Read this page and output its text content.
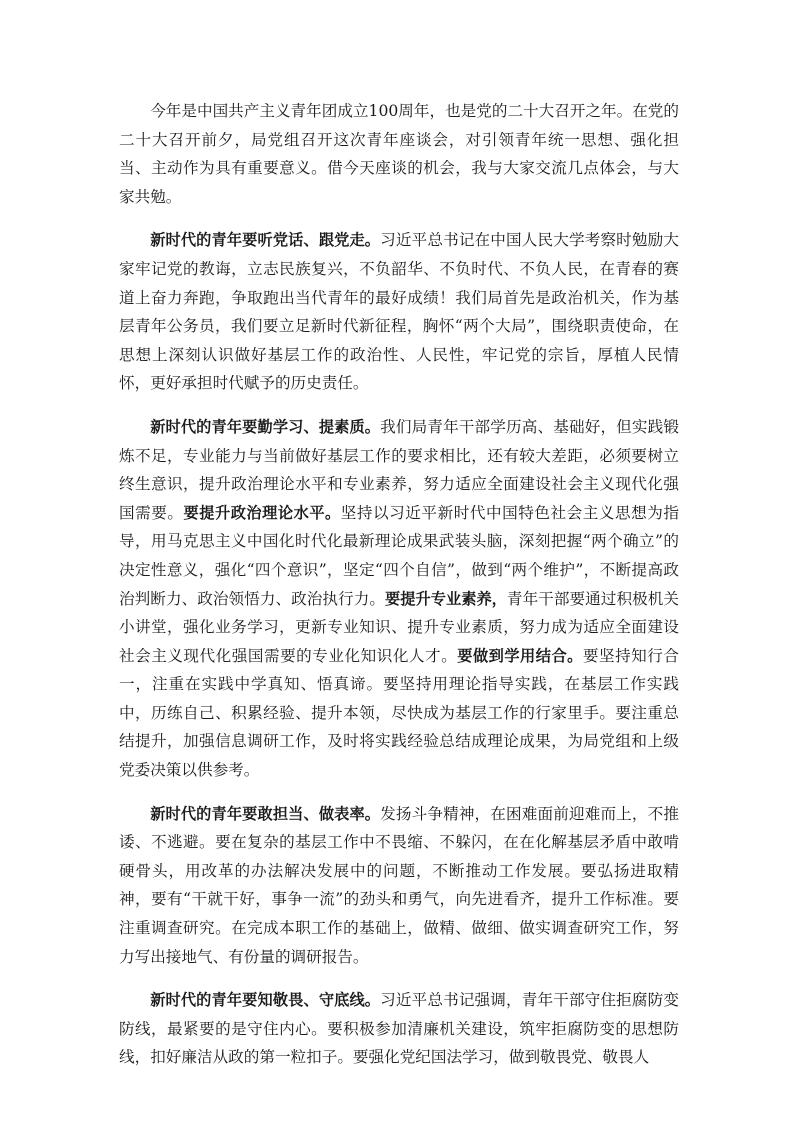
今年是中国共产主义青年团成立100周年，也是党的二十大召开之年。在党的二十大召开前夕，局党组召开这次青年座谈会，对引领青年统一思想、强化担当、主动作为具有重要意义。借今天座谈的机会，我与大家交流几点体会，与大家共勉。

新时代的青年要听党话、跟党走。习近平总书记在中国人民大学考察时勉励大家牢记党的教诲，立志民族复兴，不负韶华、不负时代、不负人民，在青春的赛道上奋力奔跑，争取跑出当代青年的最好成绩！我们局首先是政治机关，作为基层青年公务员，我们要立足新时代新征程，胸怀“两个大局”，围绕职责使命，在思想上深刻认识做好基层工作的政治性、人民性，牢记党的宗旨，厚植人民情怀，更好承担时代赋予的历史责任。

新时代的青年要勤学习、提素质。我们局青年干部学历高、基础好，但实践锻炼不足，专业能力与当前做好基层工作的要求相比，还有较大差距，必须要树立终生意识，提升政治理论水平和专业素养，努力适应全面建设社会主义现代化强国需要。要提升政治理论水平。坚持以习近平新时代中国特色社会主义思想为指导，用马克思主义中国化时代化最新理论成果武装头脑，深刻把握“两个确立”的决定性意义，强化“四个意识”，坚定“四个自信”，做到“两个维护”，不断提高政治判断力、政治领悟力、政治执行力。要提升专业素养，青年干部要通过积极机关小讲堂，强化业务学习，更新专业知识、提升专业素质，努力成为适应全面建设社会主义现代化强国需要的专业化知识化人才。要做到学用结合。要坚持知行合一，注重在实践中学真知、悟真谛。要坚持用理论指导实践，在基层工作实践中，历练自己、积累经验、提升本领，尽快成为基层工作的行家里手。要注重总结提升，加强信息调研工作，及时将实践经验总结成理论成果，为局党组和上级党委决策以供参考。

新时代的青年要敢担当、做表率。发扬斗争精神，在困难面前迎难而上，不推诿、不逃避。要在复杂的基层工作中不畏缩、不躲闪，在在化解基层矛盾中敢啃硬骨头，用改革的办法解决发展中的问题，不断推动工作发展。要弘扬进取精神，要有“干就干好，事争一流”的劲头和勇气，向先进看齐，提升工作标准。要注重调查研究。在完成本职工作的基础上，做精、做细、做实调查研究工作，努力写出接地气、有份量的调研报告。

新时代的青年要知敬畏、守底线。习近平总书记强调，青年干部守住拒腐防变防线，最紧要的是守住内心。要积极参加清廉机关建设，筑牢拒腐防变的思想防线，扣好廉洁从政的第一粒扣子。要强化党纪国法学习，做到敬畏党、敬畏人
